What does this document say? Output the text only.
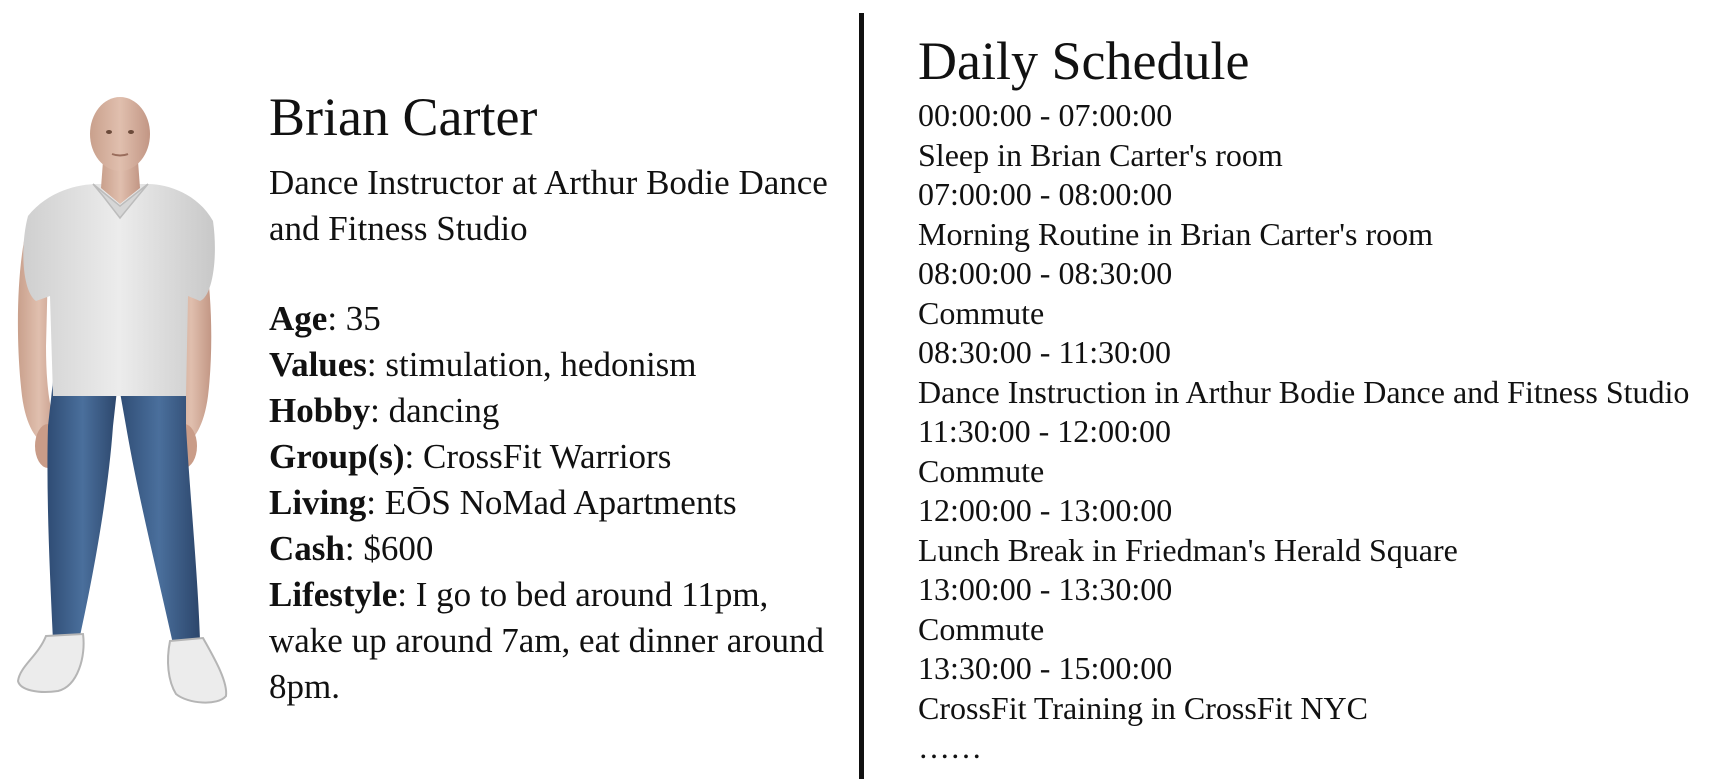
Brian Carter

Dance Instructor at Arthur Bodie Dance and Fitness Studio

Age: 35

Values: stimulation, hedonism

Hobby: dancing

Group(s): CrossFit Warriors

Living: EŌS NoMad Apartments

Cash: $600

Lifestyle: I go to bed around 11pm, wake up around 7am, eat dinner around 8pm.

Daily Schedule
00:00:00 - 07:00:00
Sleep in Brian Carter's room
07:00:00 - 08:00:00
Morning Routine in Brian Carter's room
08:00:00 - 08:30:00
Commute
08:30:00 - 11:30:00
Dance Instruction in Arthur Bodie Dance and Fitness Studio
11:30:00 - 12:00:00
Commute
12:00:00 - 13:00:00
Lunch Break in Friedman's Herald Square
13:00:00 - 13:30:00
Commute
13:30:00 - 15:00:00
CrossFit Training in CrossFit NYC

……
